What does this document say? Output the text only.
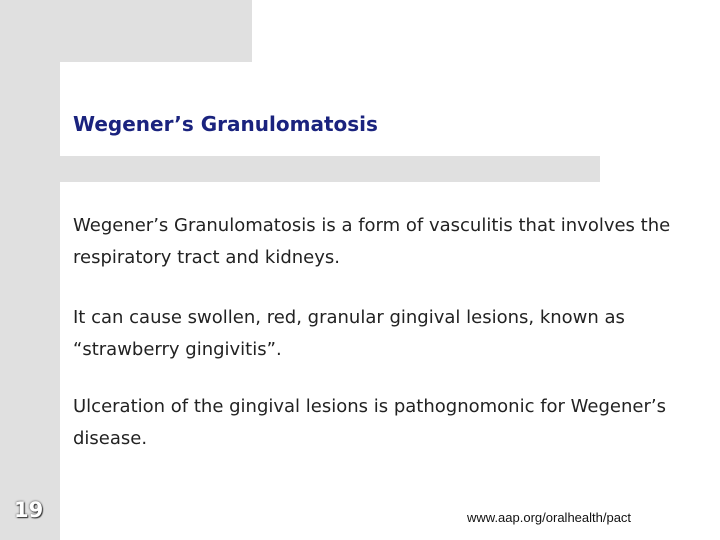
Wegener’s Granulomatosis

Wegener’s Granulomatosis is a form of vasculitis that involves the respiratory tract and kidneys.

It can cause swollen, red, granular gingival lesions, known as “strawberry gingivitis”.

Ulceration of the gingival lesions is pathognomonic for Wegener’s disease.

19	www.aap.org/oralhealth/pact
